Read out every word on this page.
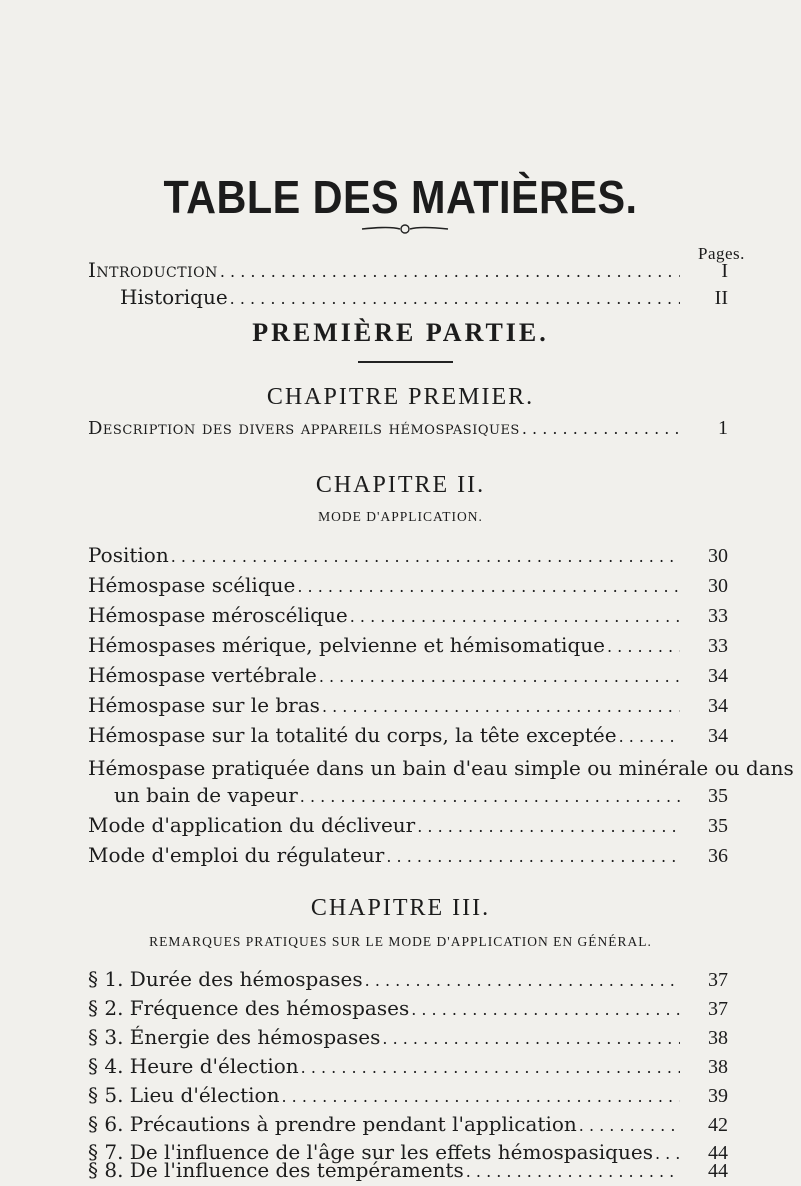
TABLE DES MATIÈRES.
Pages.
Introduction . . .	I
Historique . . .	II
PREMIÈRE PARTIE.
CHAPITRE PREMIER.
Description des divers appareils hémospasiques . . .	1
CHAPITRE II.
MODE D'APPLICATION.
Position . . .	30
Hémospase scélique . . .	30
Hémospase méroscélique . . .	33
Hémospases mérique, pelvienne et hémisomatique . . .	33
Hémospase vertébrale . . .	34
Hémospase sur le bras . . .	34
Hémospase sur la totalité du corps, la tête exceptée . . .	34
Hémospase pratiquée dans un bain d'eau simple ou minérale ou dans
un bain de vapeur . . .	35
Mode d'application du décliveur . . .	35
Mode d'emploi du régulateur . . .	36
CHAPITRE III.
REMARQUES PRATIQUES SUR LE MODE D'APPLICATION EN GÉNÉRAL.
§ 1. Durée des hémospases . . .	37
§ 2. Fréquence des hémospases . . .	37
§ 3. Énergie des hémospases . . .	38
§ 4. Heure d'élection . . .	38
§ 5. Lieu d'élection . . .	39
§ 6. Précautions à prendre pendant l'application . . .	42
§ 7. De l'influence de l'âge sur les effets hémospasiques . . .	44
§ 8. De l'influence des tempéraments . . .	44
